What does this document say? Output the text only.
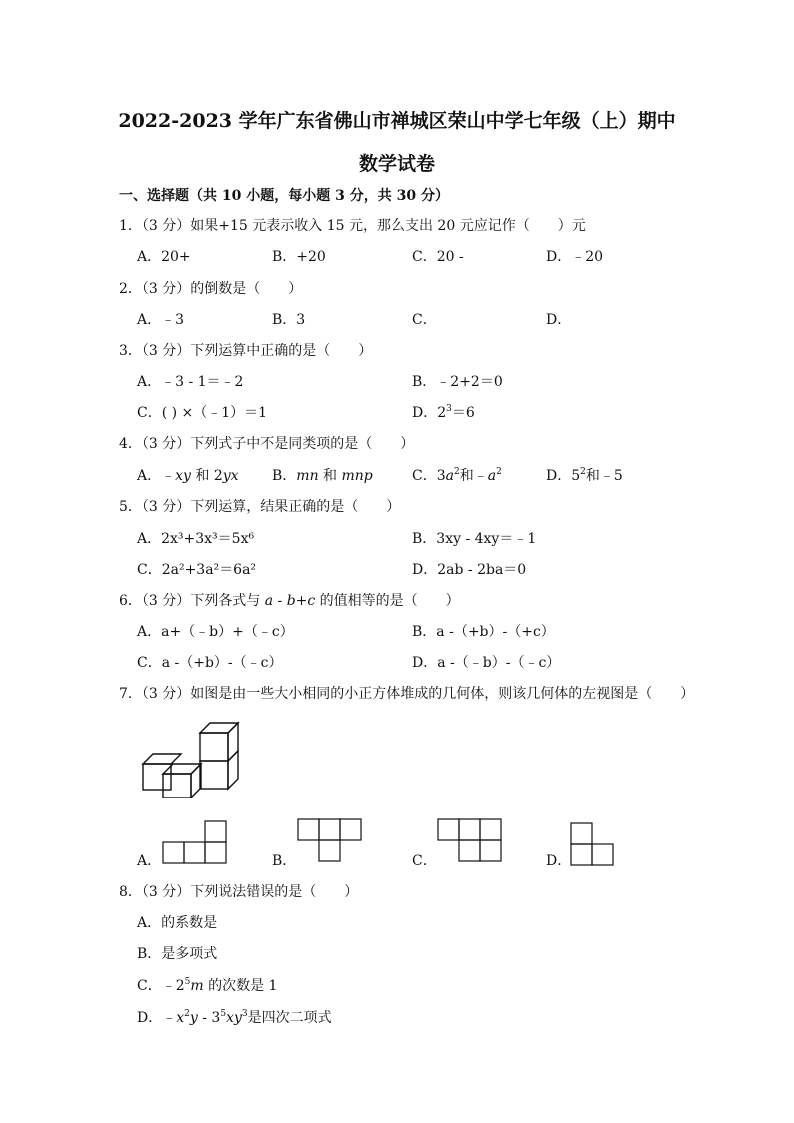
2022-2023 学年广东省佛山市禅城区荣山中学七年级（上）期中
数学试卷
一、选择题（共 10 小题，每小题 3 分，共 30 分）
1．（3 分）如果+15 元表示收入 15 元，那么支出 20 元应记作（　　）元
A．20+	B．+20	C．20 -	D．﹣20
2．（3 分）的倒数是（　　）
A．﹣3	B．3	C．	D．
3．（3 分）下列运算中正确的是（　　）
A．﹣3 - 1＝﹣2	B．﹣2+2＝0
C．( ) ×（﹣1）＝1	D．$2^3=6$
4．（3 分）下列式子中不是同类项的是（　　）
A．﹣xy 和 2yx B．mn 和 mnp	C．$3a^2$和$﹣a^2$	D．$5^2$和﹣5
5．（3 分）下列运算，结果正确的是（　　）
A．2x³+3x³＝5x⁶	B．3xy - 4xy＝﹣1
C．2a²+3a²＝6a²	D．2ab - 2ba＝0
6．（3 分）下列各式与 a - b+c 的值相等的是（　　）
A．a+（﹣b）+（﹣c）	B．a -（+b）-（+c）
C．a -（+b）-（﹣c）	D．a -（﹣b）-（﹣c）
7．（3 分）如图是由一些大小相同的小正方体堆成的几何体，则该几何体的左视图是（　　）
A．	B．	C．	D．
8．（3 分）下列说法错误的是（　　）
A．的系数是
B．是多项式
C．$﹣2^5m$ 的次数是 1
D．$﹣x^2y - 3^5xy^3$是四次二项式
